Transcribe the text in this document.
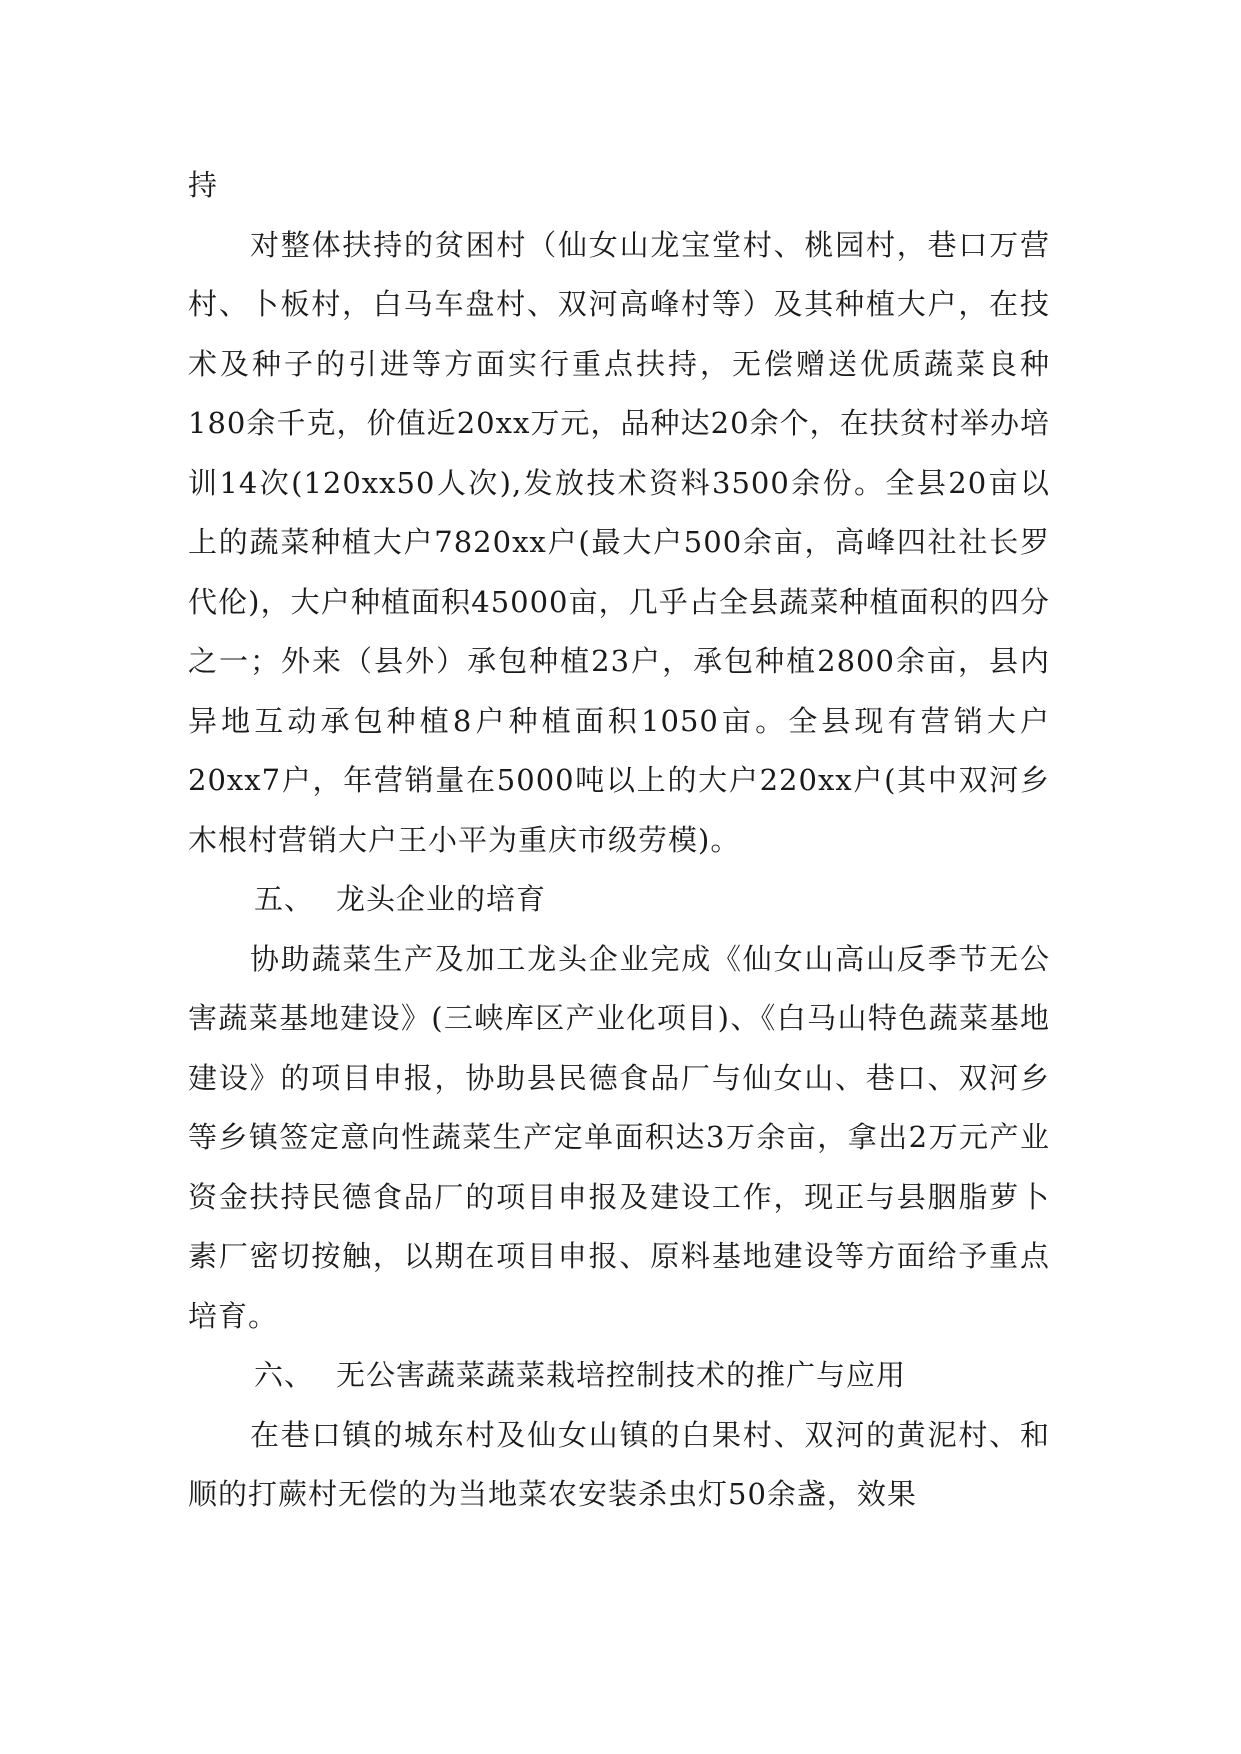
持

对整体扶持的贫困村（仙女山龙宝堂村、桃园村，巷口万营村、卜板村，白马车盘村、双河高峰村等）及其种植大户，在技术及种子的引进等方面实行重点扶持，无偿赠送优质蔬菜良种180余千克，价值近20xx万元，品种达20余个，在扶贫村举办培训14次(120xx50人次),发放技术资料3500余份。全县20亩以上的蔬菜种植大户7820xx户(最大户500余亩，高峰四社社长罗代伦)，大户种植面积45000亩，几乎占全县蔬菜种植面积的四分之一；外来（县外）承包种植23户，承包种植2800余亩，县内异地互动承包种植8户种植面积1050亩。全县现有营销大户 20xx7户，年营销量在5000吨以上的大户220xx户(其中双河乡木根村营销大户王小平为重庆市级劳模)。

五、 龙头企业的培育

协助蔬菜生产及加工龙头企业完成《仙女山高山反季节无公害蔬菜基地建设》(三峡库区产业化项目)、《白马山特色蔬菜基地建设》的项目申报，协助县民德食品厂与仙女山、巷口、双河乡等乡镇签定意向性蔬菜生产定单面积达3万余亩，拿出2万元产业资金扶持民德食品厂的项目申报及建设工作，现正与县胭脂萝卜素厂密切按触，以期在项目申报、原料基地建设等方面给予重点培育。

六、 无公害蔬菜蔬菜栽培控制技术的推广与应用

在巷口镇的城东村及仙女山镇的白果村、双河的黄泥村、和顺的打蕨村无偿的为当地菜农安装杀虫灯50余盏，效果
